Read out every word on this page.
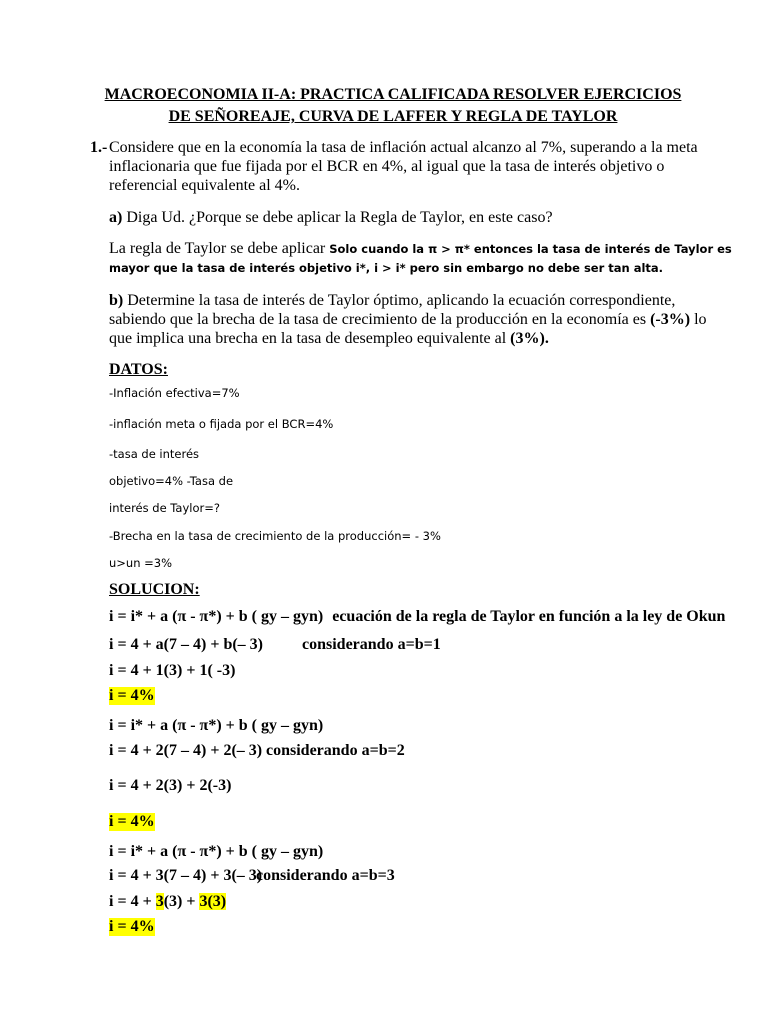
MACROECONOMIA II-A: PRACTICA CALIFICADA RESOLVER EJERCICIOS
DE SEÑOREAJE, CURVA DE LAFFER Y REGLA DE TAYLOR
1.- Considere que en la economía la tasa de inflación actual alcanzo al 7%, superando a la meta
inflacionaria que fue fijada por el BCR en 4%, al igual que la tasa de interés objetivo o
referencial equivalente al 4%.
a) Diga Ud. ¿Porque se debe aplicar la Regla de Taylor, en este caso?
La regla de Taylor se debe aplicar Solo cuando la π > π* entonces la tasa de interés de Taylor es
mayor que la tasa de interés objetivo i*, i > i* pero sin embargo no debe ser tan alta.
b) Determine la tasa de interés de Taylor óptimo, aplicando la ecuación correspondiente,
sabiendo que la brecha de la tasa de crecimiento de la producción en la economía es (-3%) lo
que implica una brecha en la tasa de desempleo equivalente al (3%).
DATOS:
-Inflación efectiva=7%
-inflación meta o fijada por el BCR=4%
-tasa de interés
objetivo=4% -Tasa de
interés de Taylor=?
-Brecha en la tasa de crecimiento de la producción= - 3%
u>un =3%
SOLUCION:
i = i* + a (π - π*) + b ( gy – gyn) ecuación de la regla de Taylor en función a la ley de Okun
i = 4 + a(7 – 4) + b(– 3) considerando a=b=1
i = 4 + 1(3) + 1( -3)
i = 4%
i = i* + a (π - π*) + b ( gy – gyn)
i = 4 + 2(7 – 4) + 2(– 3) considerando a=b=2
i = 4 + 2(3) + 2(-3)
i = 4%
i = i* + a (π - π*) + b ( gy – gyn)
i = 4 + 3(7 – 4) + 3(– 3)
considerando a=b=3
i = 4 + 3(3) + 3(3)
i = 4%
